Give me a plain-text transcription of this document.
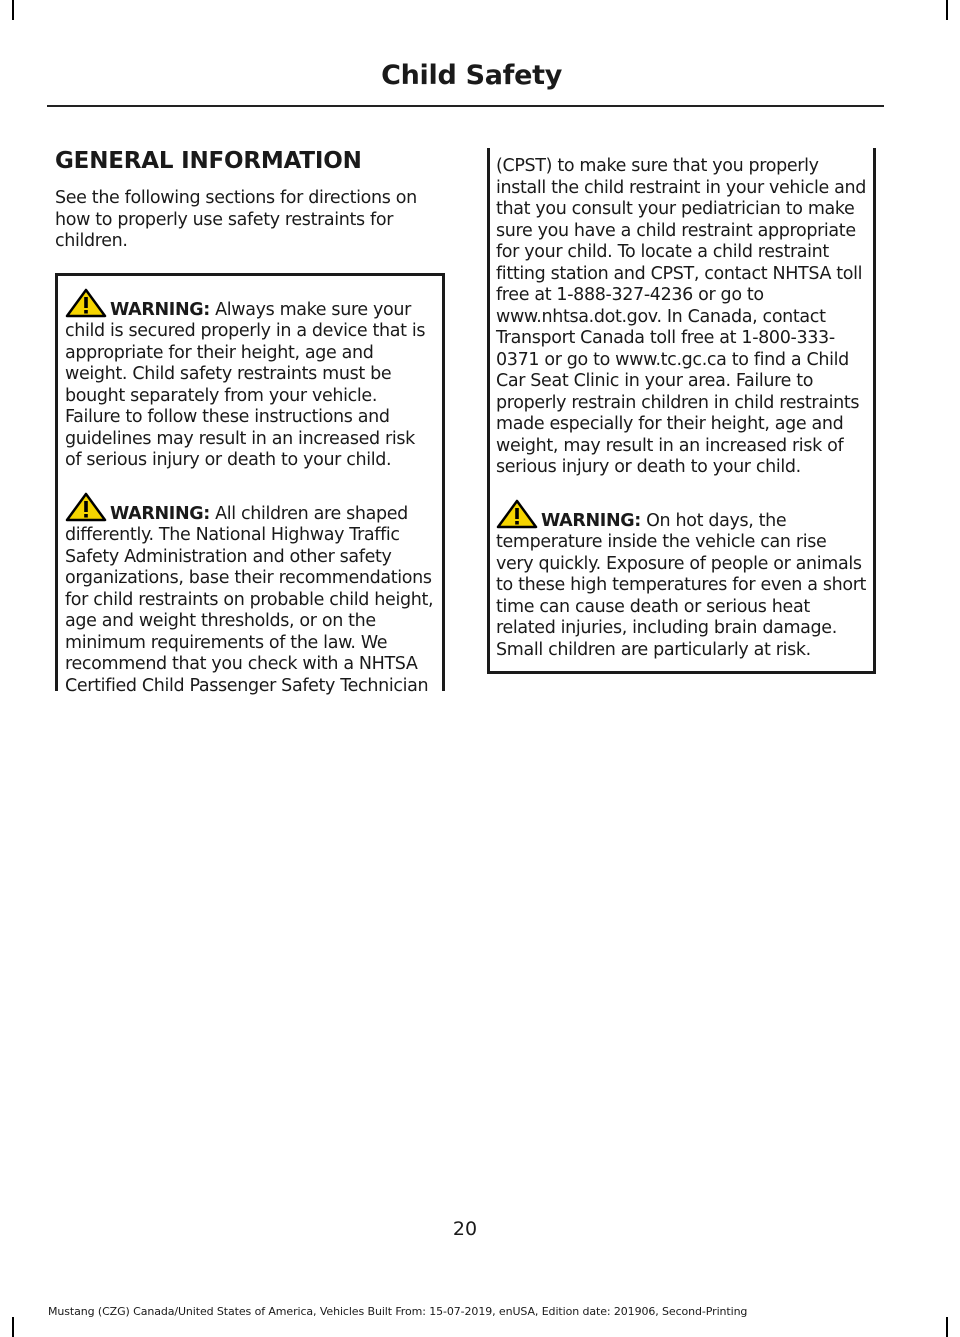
Child Safety
GENERAL INFORMATION

See the following sections for directions on how to properly use safety restraints for children.

WARNING: Always make sure your child is secured properly in a device that is appropriate for their height, age and weight. Child safety restraints must be bought separately from your vehicle. Failure to follow these instructions and guidelines may result in an increased risk of serious injury or death to your child.

WARNING: All children are shaped differently. The National Highway Traffic Safety Administration and other safety organizations, base their recommendations for child restraints on probable child height, age and weight thresholds, or on the minimum requirements of the law. We recommend that you check with a NHTSA Certified Child Passenger Safety Technician

(CPST) to make sure that you properly install the child restraint in your vehicle and that you consult your pediatrician to make sure you have a child restraint appropriate for your child. To locate a child restraint fitting station and CPST, contact NHTSA toll free at 1-888-327-4236 or go to www.nhtsa.dot.gov. In Canada, contact Transport Canada toll free at 1-800-333-0371 or go to www.tc.gc.ca to find a Child Car Seat Clinic in your area. Failure to properly restrain children in child restraints made especially for their height, age and weight, may result in an increased risk of serious injury or death to your child.

WARNING: On hot days, the temperature inside the vehicle can rise very quickly. Exposure of people or animals to these high temperatures for even a short time can cause death or serious heat related injuries, including brain damage. Small children are particularly at risk.

20
Mustang (CZG) Canada/United States of America, Vehicles Built From: 15-07-2019, enUSA, Edition date: 201906, Second-Printing
